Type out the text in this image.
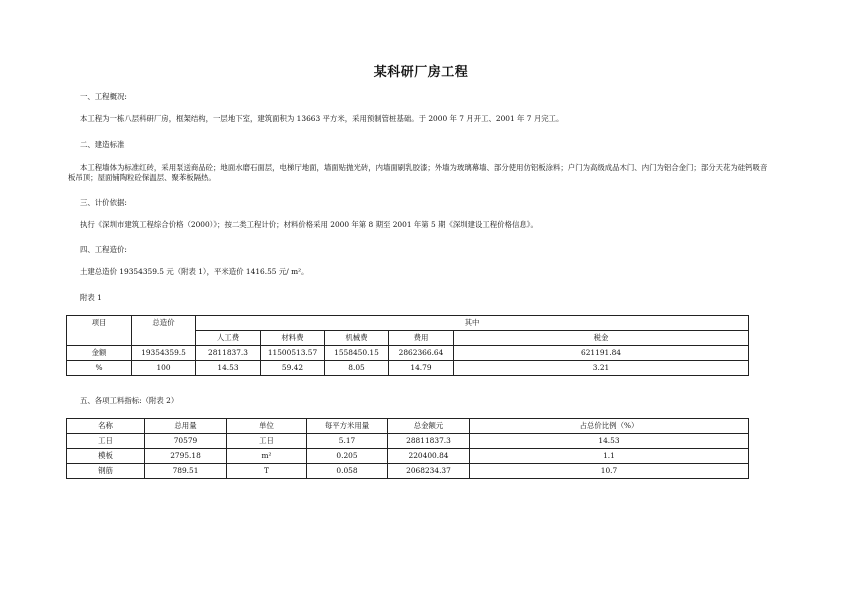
某科研厂房工程
一、工程概况:
本工程为一栋八层科研厂房，框架结构，一层地下室，建筑面积为 13663 平方米，采用预制管桩基础。于 2000 年 7 月开工、2001 年 7 月完工。
二、建造标准
本工程墙体为标准红砖，采用泵送商品砼；地面水磨石面层，电梯厅地面，墙面贴抛光砖，内墙面刷乳胶漆；外墙为玻璃幕墙、部分使用仿铝板涂料；户门为高级成品木门、内门为铝合金门；部分天花为硅钙吸音板吊顶；屋面铺陶粒砼保温层、聚苯板隔热。
三、计价依据:
执行《深圳市建筑工程综合价格（2000）》；按二类工程计价；材料价格采用 2000 年第 8 期至 2001 年第 5 期《深圳建设工程价格信息》。
四、工程造价:
土建总造价 19354359.5 元（附表 1），平米造价 1416.55 元/ m²。
附表 1
项目	总造价	其中				
		人工费	材料费	机械费	费用	税金
金额	19354359.5	2811837.3	11500513.57	1558450.15	2862366.64	621191.84
%	100	14.53	59.42	8.05	14.79	3.21
五、各项工料指标:（附表 2）
名称	总用量	单位	每平方米用量	总金额元	占总价比例（%）
工日	70579	工日	5.17	28811837.3	14.53
模板	2795.18	m²	0.205	220400.84	1.1
钢筋	789.51	T	0.058	2068234.37	10.7
